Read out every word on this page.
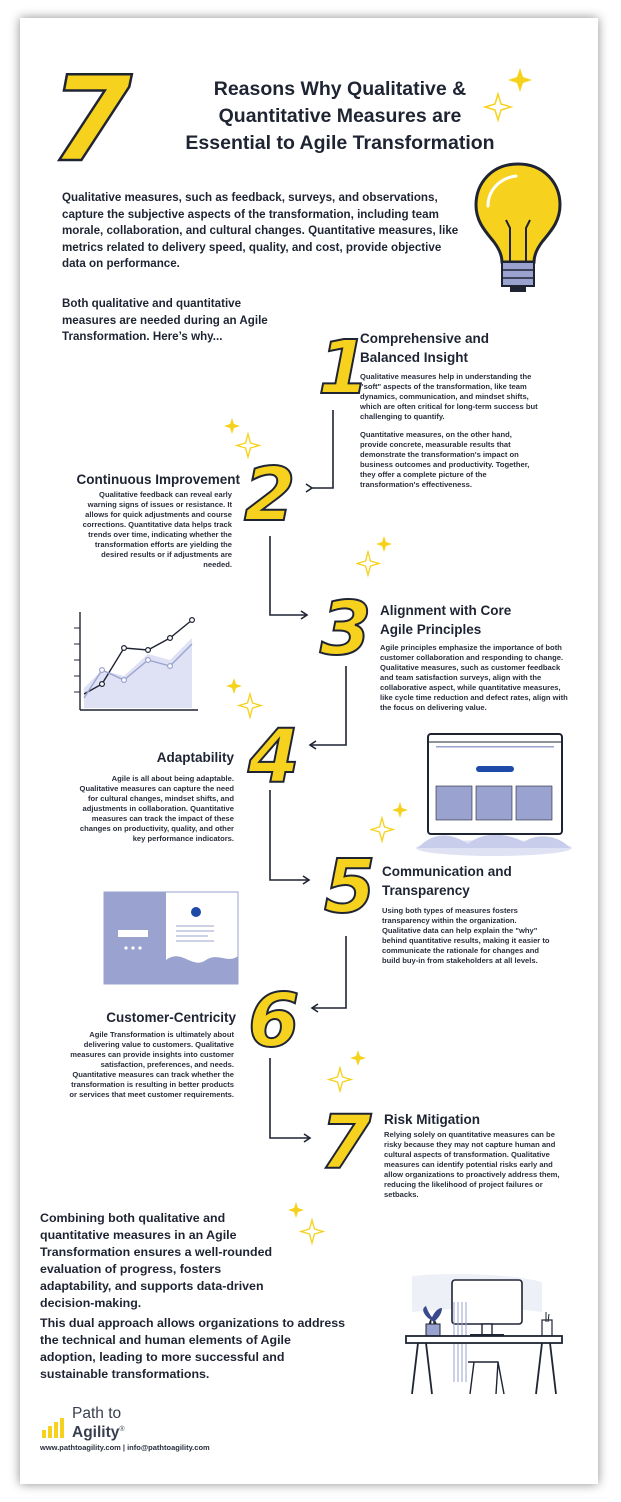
7	Reasons Why Qualitative &
Quantitative Measures are
Essential to Agile Transformation
Qualitative measures, such as feedback, surveys, and observations, capture the subjective aspects of the transformation, including team morale, collaboration, and cultural changes. Quantitative measures, like metrics related to delivery speed, quality, and cost, provide objective data on performance.
Both qualitative and quantitative measures are needed during an Agile Transformation. Here’s why...	1
Comprehensive and
Balanced Insight

Qualitative measures help in understanding the "soft" aspects of the transformation, like team dynamics, communication, and mindset shifts, which are often critical for long-term success but challenging to quantify.

Quantitative measures, on the other hand, provide concrete, measurable results that demonstrate the transformation's impact on business outcomes and productivity. Together, they offer a complete picture of the transformation's effectiveness.

Continuous Improvement
Qualitative feedback can reveal early warning signs of issues or resistance. It allows for quick adjustments and course corrections. Quantitative data helps track trends over time, indicating whether the transformation efforts are yielding the desired results or if adjustments are needed.
2
3 Alignment with Core
Agile Principles
Agile principles emphasize the importance of both customer collaboration and responding to change. Qualitative measures, such as customer feedback and team satisfaction surveys, align with the collaborative aspect, while quantitative measures, like cycle time reduction and defect rates, align with the focus on delivering value.
4
Adaptability
Agile is all about being adaptable. Qualitative measures can capture the need for cultural changes, mindset shifts, and adjustments in collaboration. Quantitative measures can track the impact of these changes on productivity, quality, and other key performance indicators.
5 Communication and
Transparency
Using both types of measures fosters transparency within the organization. Qualitative data can help explain the "why" behind quantitative results, making it easier to communicate the rationale for changes and build buy-in from stakeholders at all levels.
6
Customer-Centricity
Agile Transformation is ultimately about delivering value to customers. Qualitative measures can provide insights into customer satisfaction, preferences, and needs. Quantitative measures can track whether the transformation is resulting in better products or services that meet customer requirements.
7 Risk Mitigation
Relying solely on quantitative measures can be risky because they may not capture human and cultural aspects of transformation. Qualitative measures can identify potential risks early and allow organizations to proactively address them, reducing the likelihood of project failures or setbacks.
Combining both qualitative and quantitative measures in an Agile Transformation ensures a well-rounded evaluation of progress, fosters adaptability, and supports data-driven decision-making.
This dual approach allows organizations to address the technical and human elements of Agile adoption, leading to more successful and sustainable transformations.
Path to
Agility®
www.pathtoagility.com | info@pathtoagility.com
